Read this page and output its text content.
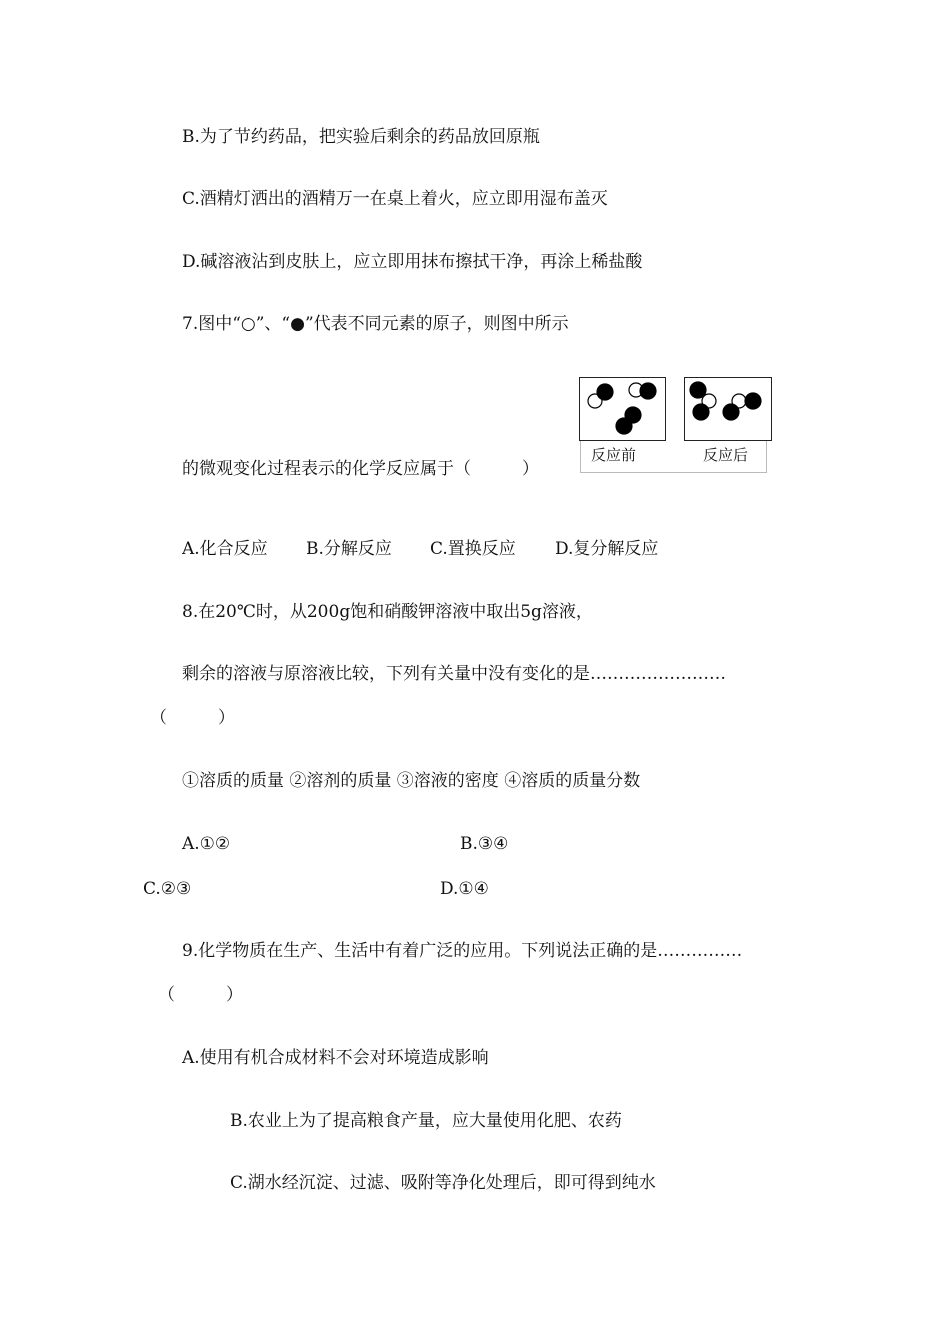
B.为了节约药品，把实验后剩余的药品放回原瓶
C.酒精灯洒出的酒精万一在桌上着火，应立即用湿布盖灭
D.碱溶液沾到皮肤上，应立即用抹布擦拭干净，再涂上稀盐酸
7.图中“○”、“●”代表不同元素的原子，则图中所示
反应前	反应后
的微观变化过程表示的化学反应属于（　　　）
A.化合反应 B.分解反应 C.置换反应 D.复分解反应
8.在20℃时，从200g饱和硝酸钾溶液中取出5g溶液，
剩余的溶液与原溶液比较，下列有关量中没有变化的是……………………
（　　　）
①溶质的质量 ②溶剂的质量 ③溶液的密度 ④溶质的质量分数
A.①②	B.③④
C.②③	D.①④
9.化学物质在生产、生活中有着广泛的应用。下列说法正确的是……………
（　　　）
A.使用有机合成材料不会对环境造成影响
B.农业上为了提高粮食产量，应大量使用化肥、农药
C.湖水经沉淀、过滤、吸附等净化处理后，即可得到纯水
